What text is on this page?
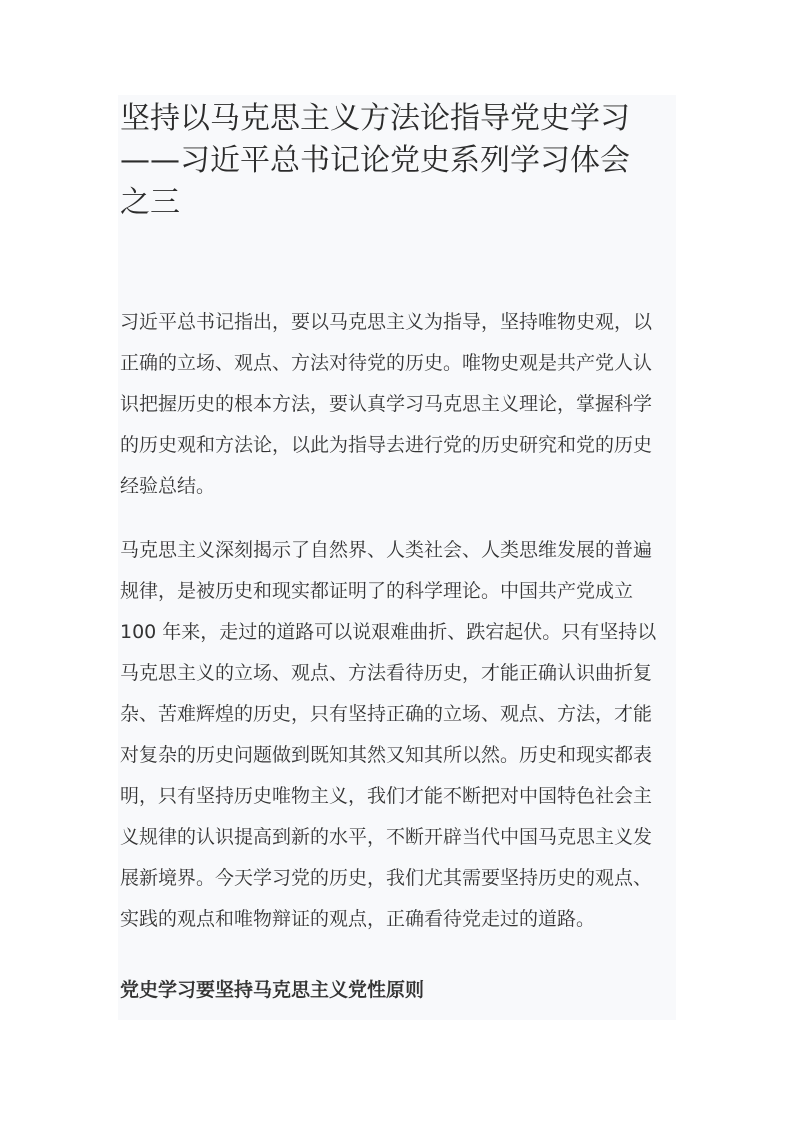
坚持以马克思主义方法论指导党史学习
——习近平总书记论党史系列学习体会
之三
习近平总书记指出，要以马克思主义为指导，坚持唯物史观，以
正确的立场、观点、方法对待党的历史。唯物史观是共产党人认
识把握历史的根本方法，要认真学习马克思主义理论，掌握科学
的历史观和方法论，以此为指导去进行党的历史研究和党的历史
经验总结。
马克思主义深刻揭示了自然界、人类社会、人类思维发展的普遍
规律，是被历史和现实都证明了的科学理论。中国共产党成立
100 年来，走过的道路可以说艰难曲折、跌宕起伏。只有坚持以
马克思主义的立场、观点、方法看待历史，才能正确认识曲折复
杂、苦难辉煌的历史，只有坚持正确的立场、观点、方法，才能
对复杂的历史问题做到既知其然又知其所以然。历史和现实都表
明，只有坚持历史唯物主义，我们才能不断把对中国特色社会主
义规律的认识提高到新的水平，不断开辟当代中国马克思主义发
展新境界。今天学习党的历史，我们尤其需要坚持历史的观点、
实践的观点和唯物辩证的观点，正确看待党走过的道路。
党史学习要坚持马克思主义党性原则
